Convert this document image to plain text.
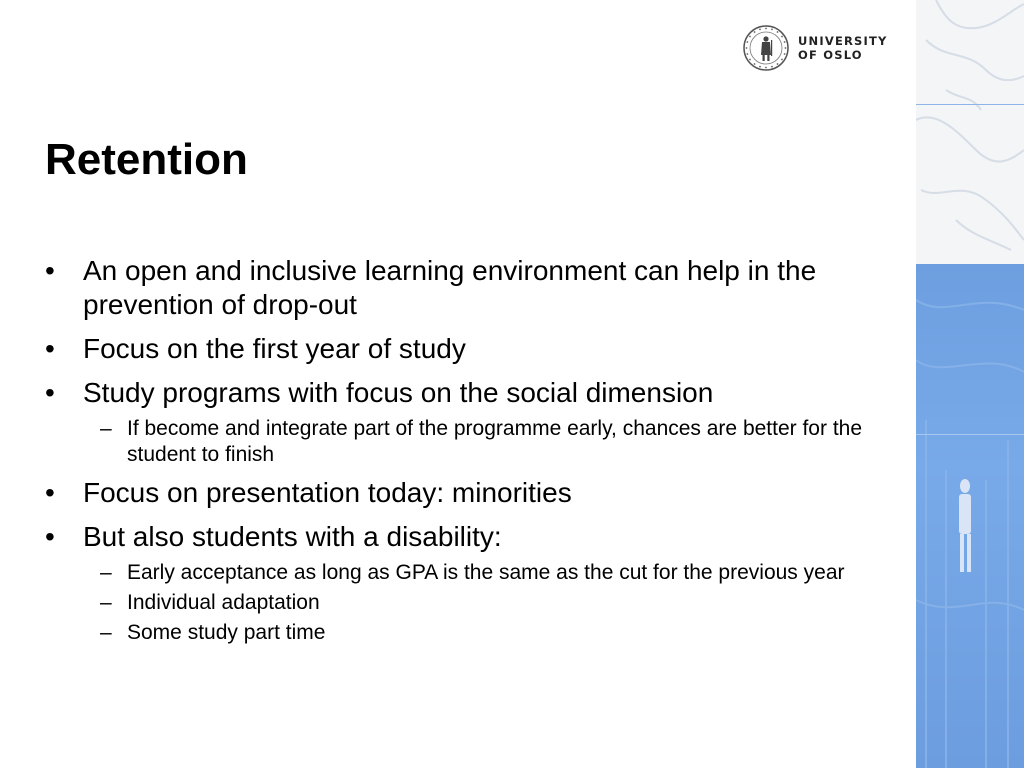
UNIVERSITY
OF OSLO
Retention
• An open and inclusive learning environment can help in the prevention of drop-out
• Focus on the first year of study
• Study programs with focus on the social dimension
– If become and integrate part of the programme early, chances are better for the student to finish
• Focus on presentation today: minorities
• But also students with a disability:
– Early acceptance as long as GPA is the same as the cut for the previous year
– Individual adaptation
– Some study part time
